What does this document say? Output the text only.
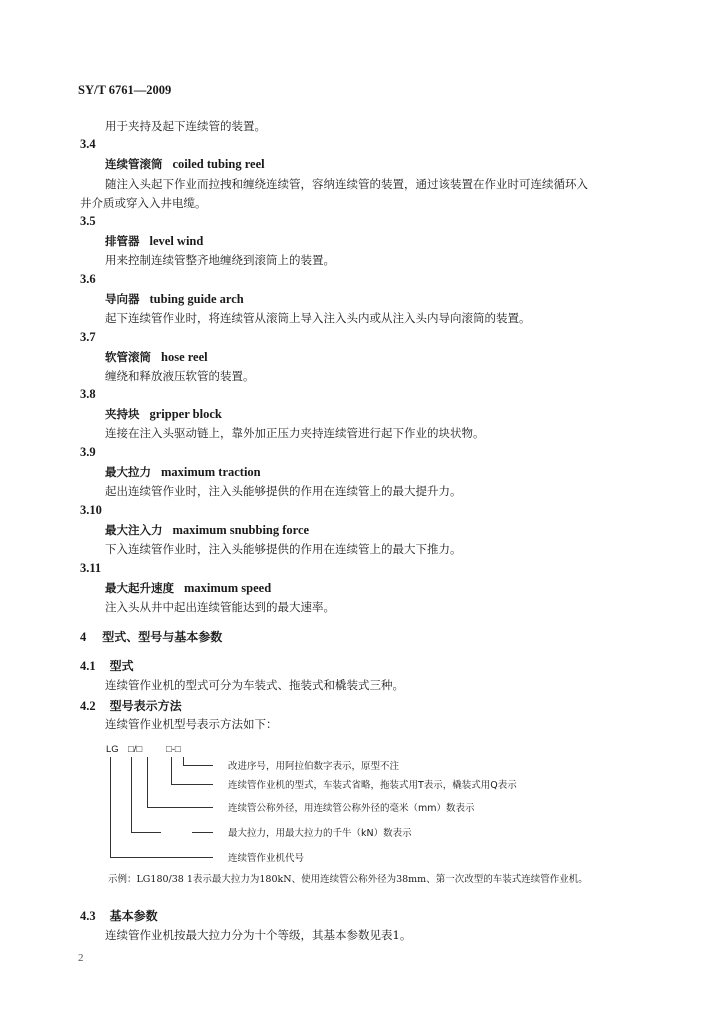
SY/T 6761—2009
用于夹持及起下连续管的装置。
3.4
连续管滚筒 coiled tubing reel
随注入头起下作业而拉拽和缠绕连续管，容纳连续管的装置，通过该装置在作业时可连续循环入
井介质或穿入入井电缆。
3.5
排管器 level wind
用来控制连续管整齐地缠绕到滚筒上的装置。
3.6
导向器 tubing guide arch
起下连续管作业时，将连续管从滚筒上导入注入头内或从注入头内导向滚筒的装置。
3.7
软管滚筒 hose reel
缠绕和释放液压软管的装置。
3.8
夹持块 gripper block
连接在注入头驱动链上，靠外加正压力夹持连续管进行起下作业的块状物。
3.9
最大拉力 maximum traction
起出连续管作业时，注入头能够提供的作用在连续管上的最大提升力。
3.10
最大注入力 maximum snubbing force
下入连续管作业时，注入头能够提供的作用在连续管上的最大下推力。
3.11
最大起升速度 maximum speed
注入头从井中起出连续管能达到的最大速率。
4 型式、型号与基本参数
4.1 型式
连续管作业机的型式可分为车装式、拖装式和橇装式三种。
4.2 型号表示方法
连续管作业机型号表示方法如下：
LG □/□	□-□
改进序号，用阿拉伯数字表示，原型不注
连续管作业机的型式，车装式省略，拖装式用T表示，橇装式用Q表示
连续管公称外径，用连续管公称外径的毫米（mm）数表示
最大拉力，用最大拉力的千牛（kN）数表示
连续管作业机代号
示例：LG180/38 1表示最大拉力为180kN、使用连续管公称外径为38mm、第一次改型的车装式连续管作业机。
4.3 基本参数
连续管作业机按最大拉力分为十个等级，其基本参数见表1。
2
